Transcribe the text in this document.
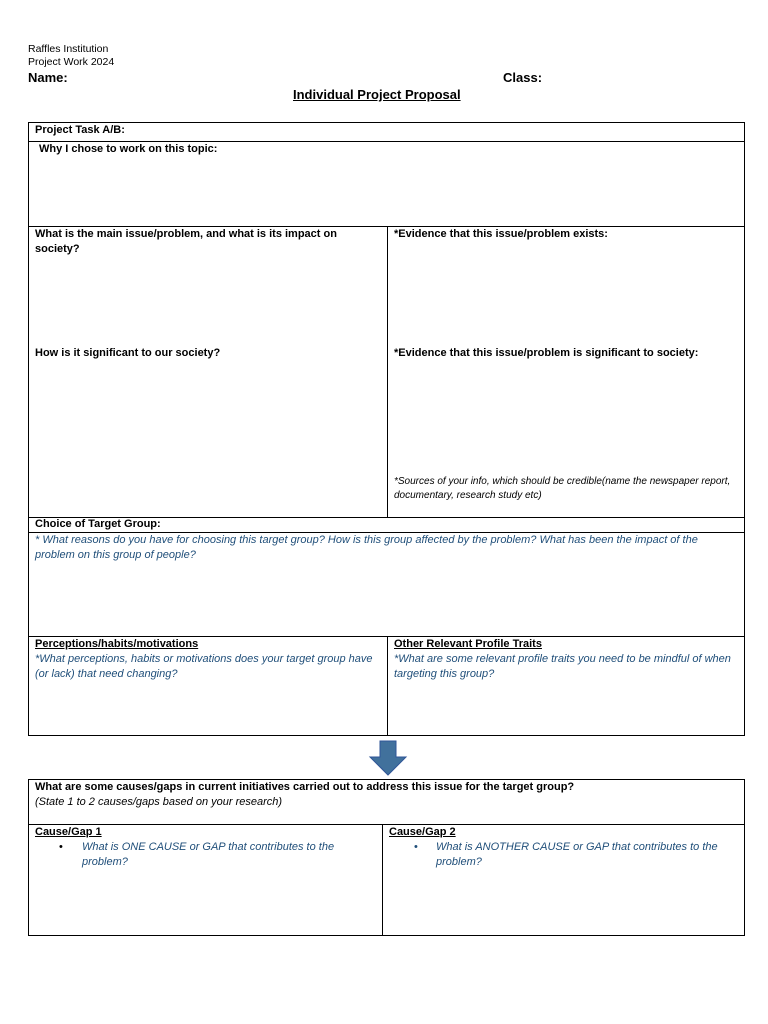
Raffles Institution
Project Work 2024
Name:	Class:
Individual Project Proposal
Project Task A/B:
Why I chose to work on this topic:
What is the main issue/problem, and what is its impact on society?
*Evidence that this issue/problem exists:
How is it significant to our society?	*Evidence that this issue/problem is significant to society:
*Sources of your info, which should be credible(name the newspaper report, documentary, research study etc)
Choice of Target Group:
* What reasons do you have for choosing this target group? How is this group affected by the problem? What has been the impact of the problem on this group of people?
Perceptions/habits/motivations
*What perceptions, habits or motivations does your target group have (or lack) that need changing?
Other Relevant Profile Traits
*What are some relevant profile traits you need to be mindful of when targeting this group?
What are some causes/gaps in current initiatives carried out to address this issue for the target group?
(State 1 to 2 causes/gaps based on your research)
Cause/Gap 1
• What is ONE CAUSE or GAP that contributes to the problem?
Cause/Gap 2
• What is ANOTHER CAUSE or GAP that contributes to the problem?
